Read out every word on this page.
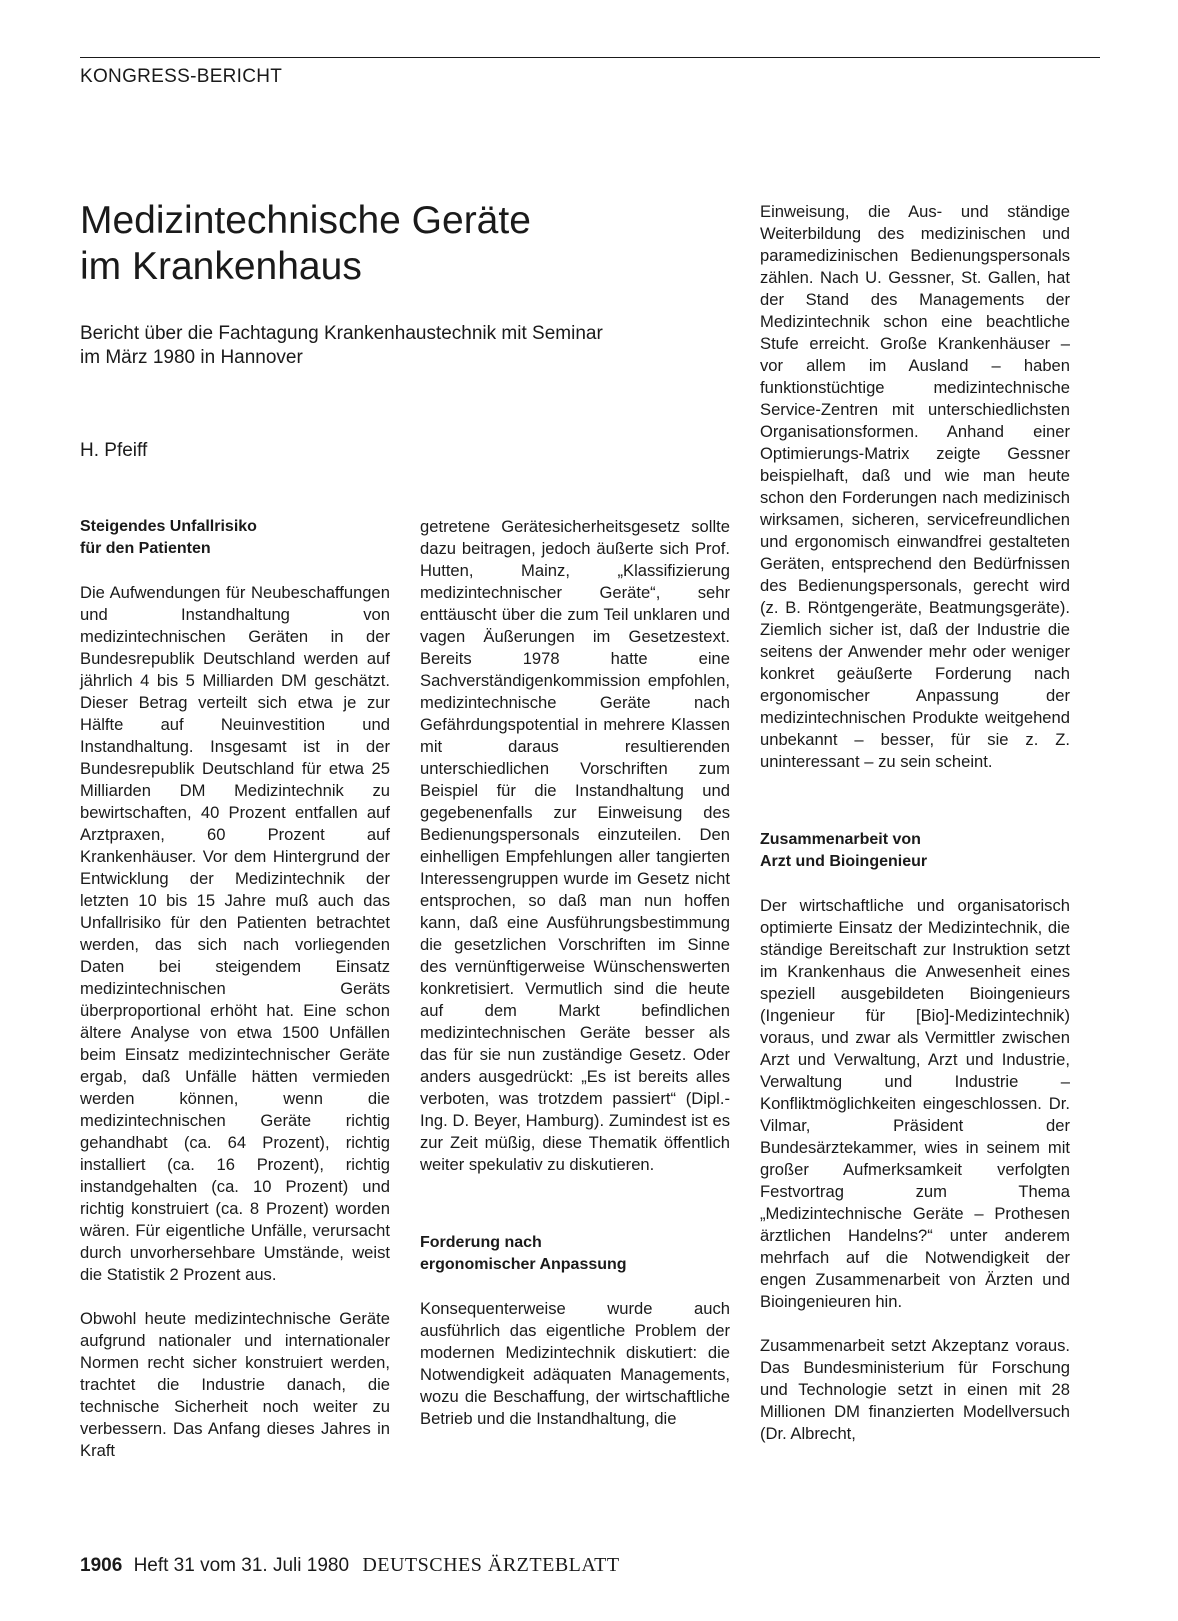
KONGRESS-BERICHT
Medizintechnische Geräte
im Krankenhaus
Bericht über die Fachtagung Krankenhaustechnik mit Seminar
im März 1980 in Hannover
H. Pfeiff
Steigendes Unfallrisiko
für den Patienten

Die Aufwendungen für Neubeschaffungen und Instandhaltung von medizintechnischen Geräten in der Bundesrepublik Deutschland werden auf jährlich 4 bis 5 Milliarden DM geschätzt. Dieser Betrag verteilt sich etwa je zur Hälfte auf Neuinvestition und Instandhaltung. Insgesamt ist in der Bundesrepublik Deutschland für etwa 25 Milliarden DM Medizintechnik zu bewirtschaften, 40 Prozent entfallen auf Arztpraxen, 60 Prozent auf Krankenhäuser. Vor dem Hintergrund der Entwicklung der Medizintechnik der letzten 10 bis 15 Jahre muß auch das Unfallrisiko für den Patienten betrachtet werden, das sich nach vorliegenden Daten bei steigendem Einsatz medizintechnischen Geräts überproportional erhöht hat. Eine schon ältere Analyse von etwa 1500 Unfällen beim Einsatz medizintechnischer Geräte ergab, daß Unfälle hätten vermieden werden können, wenn die medizintechnischen Geräte richtig gehandhabt (ca. 64 Prozent), richtig installiert (ca. 16 Prozent), richtig instandgehalten (ca. 10 Prozent) und richtig konstruiert (ca. 8 Prozent) worden wären. Für eigentliche Unfälle, verursacht durch unvorhersehbare Umstände, weist die Statistik 2 Prozent aus.

Obwohl heute medizintechnische Geräte aufgrund nationaler und internationaler Normen recht sicher konstruiert werden, trachtet die Industrie danach, die technische Sicherheit noch weiter zu verbessern. Das Anfang dieses Jahres in Kraft

getretene Gerätesicherheitsgesetz sollte dazu beitragen, jedoch äußerte sich Prof. Hutten, Mainz, „Klassifizierung medizintechnischer Geräte“, sehr enttäuscht über die zum Teil unklaren und vagen Äußerungen im Gesetzestext. Bereits 1978 hatte eine Sachverständigenkommission empfohlen, medizintechnische Geräte nach Gefährdungspotential in mehrere Klassen mit daraus resultierenden unterschiedlichen Vorschriften zum Beispiel für die Instandhaltung und gegebenenfalls zur Einweisung des Bedienungspersonals einzuteilen. Den einhelligen Empfehlungen aller tangierten Interessengruppen wurde im Gesetz nicht entsprochen, so daß man nun hoffen kann, daß eine Ausführungsbestimmung die gesetzlichen Vorschriften im Sinne des vernünftigerweise Wünschenswerten konkretisiert. Vermutlich sind die heute auf dem Markt befindlichen medizintechnischen Geräte besser als das für sie nun zuständige Gesetz. Oder anders ausgedrückt: „Es ist bereits alles verboten, was trotzdem passiert“ (Dipl.-Ing. D. Beyer, Hamburg). Zumindest ist es zur Zeit müßig, diese Thematik öffentlich weiter spekulativ zu diskutieren.

Forderung nach
ergonomischer Anpassung

Konsequenterweise wurde auch ausführlich das eigentliche Problem der modernen Medizintechnik diskutiert: die Notwendigkeit adäquaten Managements, wozu die Beschaffung, der wirtschaftliche Betrieb und die Instandhaltung, die

Einweisung, die Aus- und ständige Weiterbildung des medizinischen und paramedizinischen Bedienungspersonals zählen. Nach U. Gessner, St. Gallen, hat der Stand des Managements der Medizintechnik schon eine beachtliche Stufe erreicht. Große Krankenhäuser – vor allem im Ausland – haben funktionstüchtige medizintechnische Service-Zentren mit unterschiedlichsten Organisationsformen. Anhand einer Optimierungs-Matrix zeigte Gessner beispielhaft, daß und wie man heute schon den Forderungen nach medizinisch wirksamen, sicheren, servicefreundlichen und ergonomisch einwandfrei gestalteten Geräten, entsprechend den Bedürfnissen des Bedienungspersonals, gerecht wird (z. B. Röntgengeräte, Beatmungsgeräte). Ziemlich sicher ist, daß der Industrie die seitens der Anwender mehr oder weniger konkret geäußerte Forderung nach ergonomischer Anpassung der medizintechnischen Produkte weitgehend unbekannt – besser, für sie z. Z. uninteressant – zu sein scheint.

Zusammenarbeit von
Arzt und Bioingenieur

Der wirtschaftliche und organisatorisch optimierte Einsatz der Medizintechnik, die ständige Bereitschaft zur Instruktion setzt im Krankenhaus die Anwesenheit eines speziell ausgebildeten Bioingenieurs (Ingenieur für [Bio]-Medizintechnik) voraus, und zwar als Vermittler zwischen Arzt und Verwaltung, Arzt und Industrie, Verwaltung und Industrie – Konfliktmöglichkeiten eingeschlossen. Dr. Vilmar, Präsident der Bundesärztekammer, wies in seinem mit großer Aufmerksamkeit verfolgten Festvortrag zum Thema „Medizintechnische Geräte – Prothesen ärztlichen Handelns?“ unter anderem mehrfach auf die Notwendigkeit der engen Zusammenarbeit von Ärzten und Bioingenieuren hin.

Zusammenarbeit setzt Akzeptanz voraus. Das Bundesministerium für Forschung und Technologie setzt in einen mit 28 Millionen DM finanzierten Modellversuch (Dr. Albrecht,

1906 Heft 31 vom 31. Juli 1980 DEUTSCHES ÄRZTEBLATT
